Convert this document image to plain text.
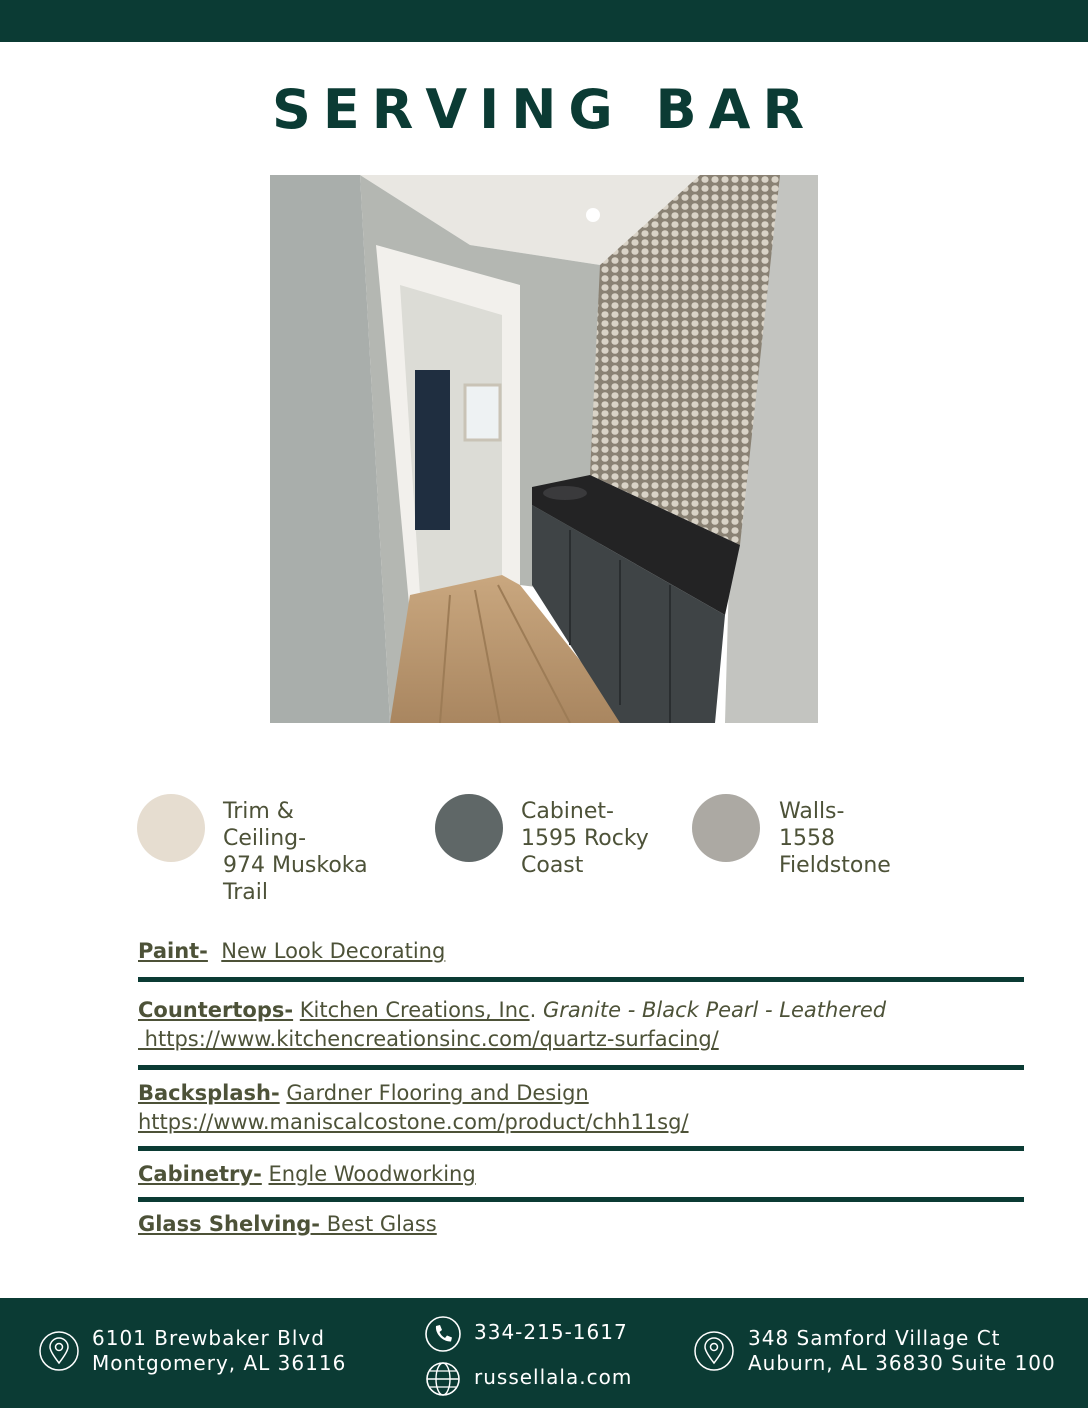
SERVING BAR
Trim &
Ceiling-
974 Muskoka
Trail
Cabinet-
1595 Rocky
Coast
Walls-
1558
Fieldstone
Paint- New Look Decorating
Countertops- Kitchen Creations, Inc. Granite - Black Pearl - Leathered
https://www.kitchencreationsinc.com/quartz-surfacing/
Backsplash- Gardner Flooring and Design
https://www.maniscalcostone.com/product/chh11sg/
Cabinetry- Engle Woodworking
Glass Shelving- Best Glass
6101 Brewbaker Blvd
Montgomery, AL 36116
334-215-1617
russellala.com
348 Samford Village Ct
Auburn, AL 36830 Suite 100
